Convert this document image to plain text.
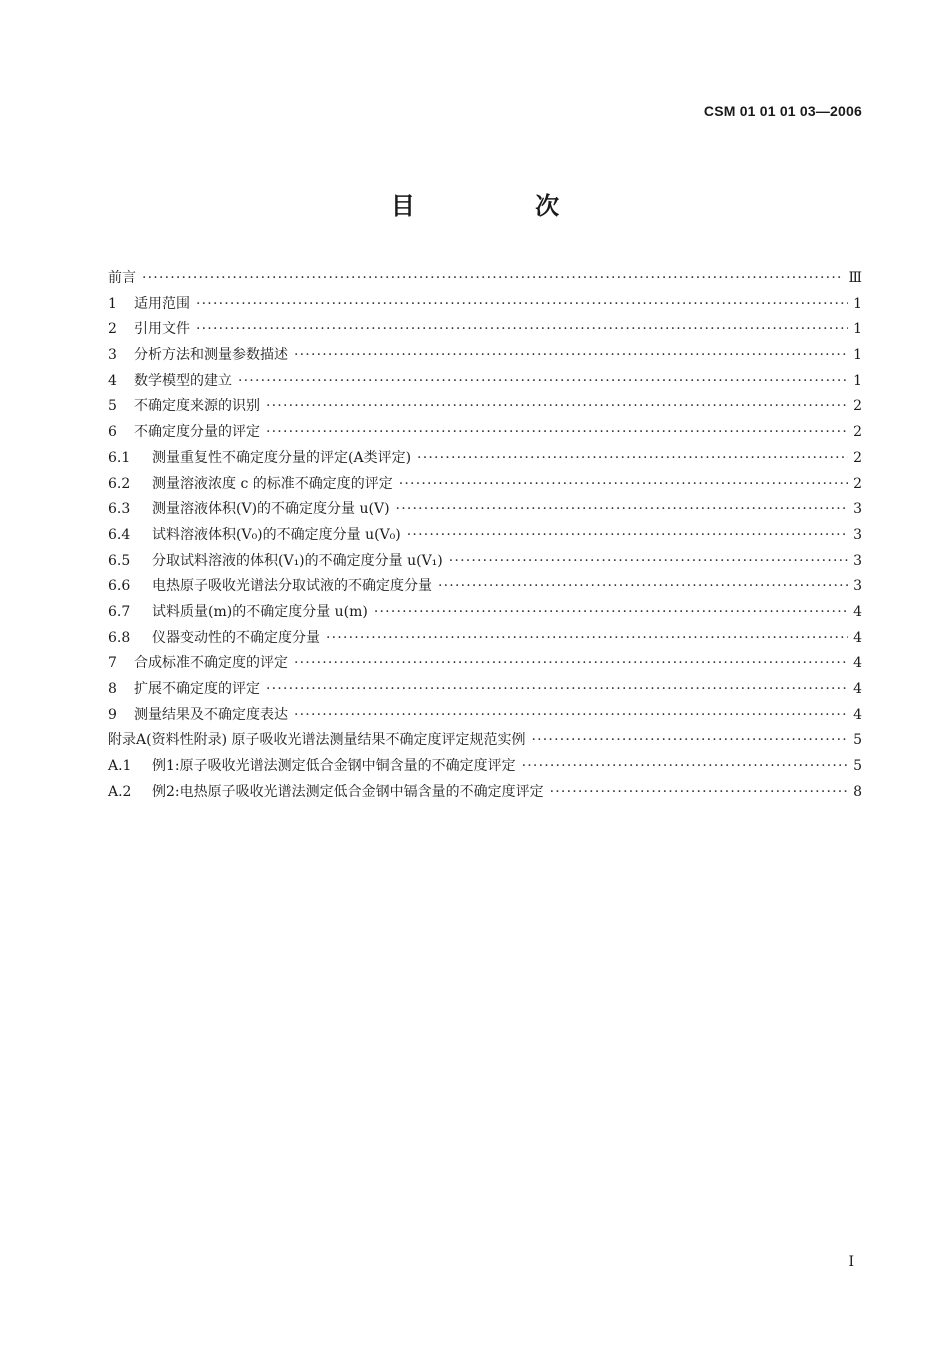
CSM 01 01 01 03—2006
目 次
前言 ·····	Ⅲ
1	适用范围 ·····	1
2	引用文件 ·····	1
3	分析方法和测量参数描述 ·····	1
4	数学模型的建立 ·····	1
5	不确定度来源的识别 ·····	2
6	不确定度分量的评定 ·····	2
6.1	测量重复性不确定度分量的评定(A类评定) ·····	2
6.2	测量溶液浓度 c 的标准不确定度的评定 ·····	2
6.3	测量溶液体积(V)的不确定度分量 u(V) ·····	3
6.4	试料溶液体积(V₀)的不确定度分量 u(V₀) ·····	3
6.5	分取试料溶液的体积(V₁)的不确定度分量 u(V₁) ·····	3
6.6	电热原子吸收光谱法分取试液的不确定度分量 ·····	3
6.7	试料质量(m)的不确定度分量 u(m) ·····	4
6.8	仪器变动性的不确定度分量 ·····	4
7	合成标准不确定度的评定 ·····	4
8	扩展不确定度的评定 ·····	4
9	测量结果及不确定度表达 ·····	4
附录A(资料性附录) 原子吸收光谱法测量结果不确定度评定规范实例 ·····	5
A.1	例1:原子吸收光谱法测定低合金钢中铜含量的不确定度评定 ·····	5
A.2	例2:电热原子吸收光谱法测定低合金钢中镉含量的不确定度评定 ·····	8
I
